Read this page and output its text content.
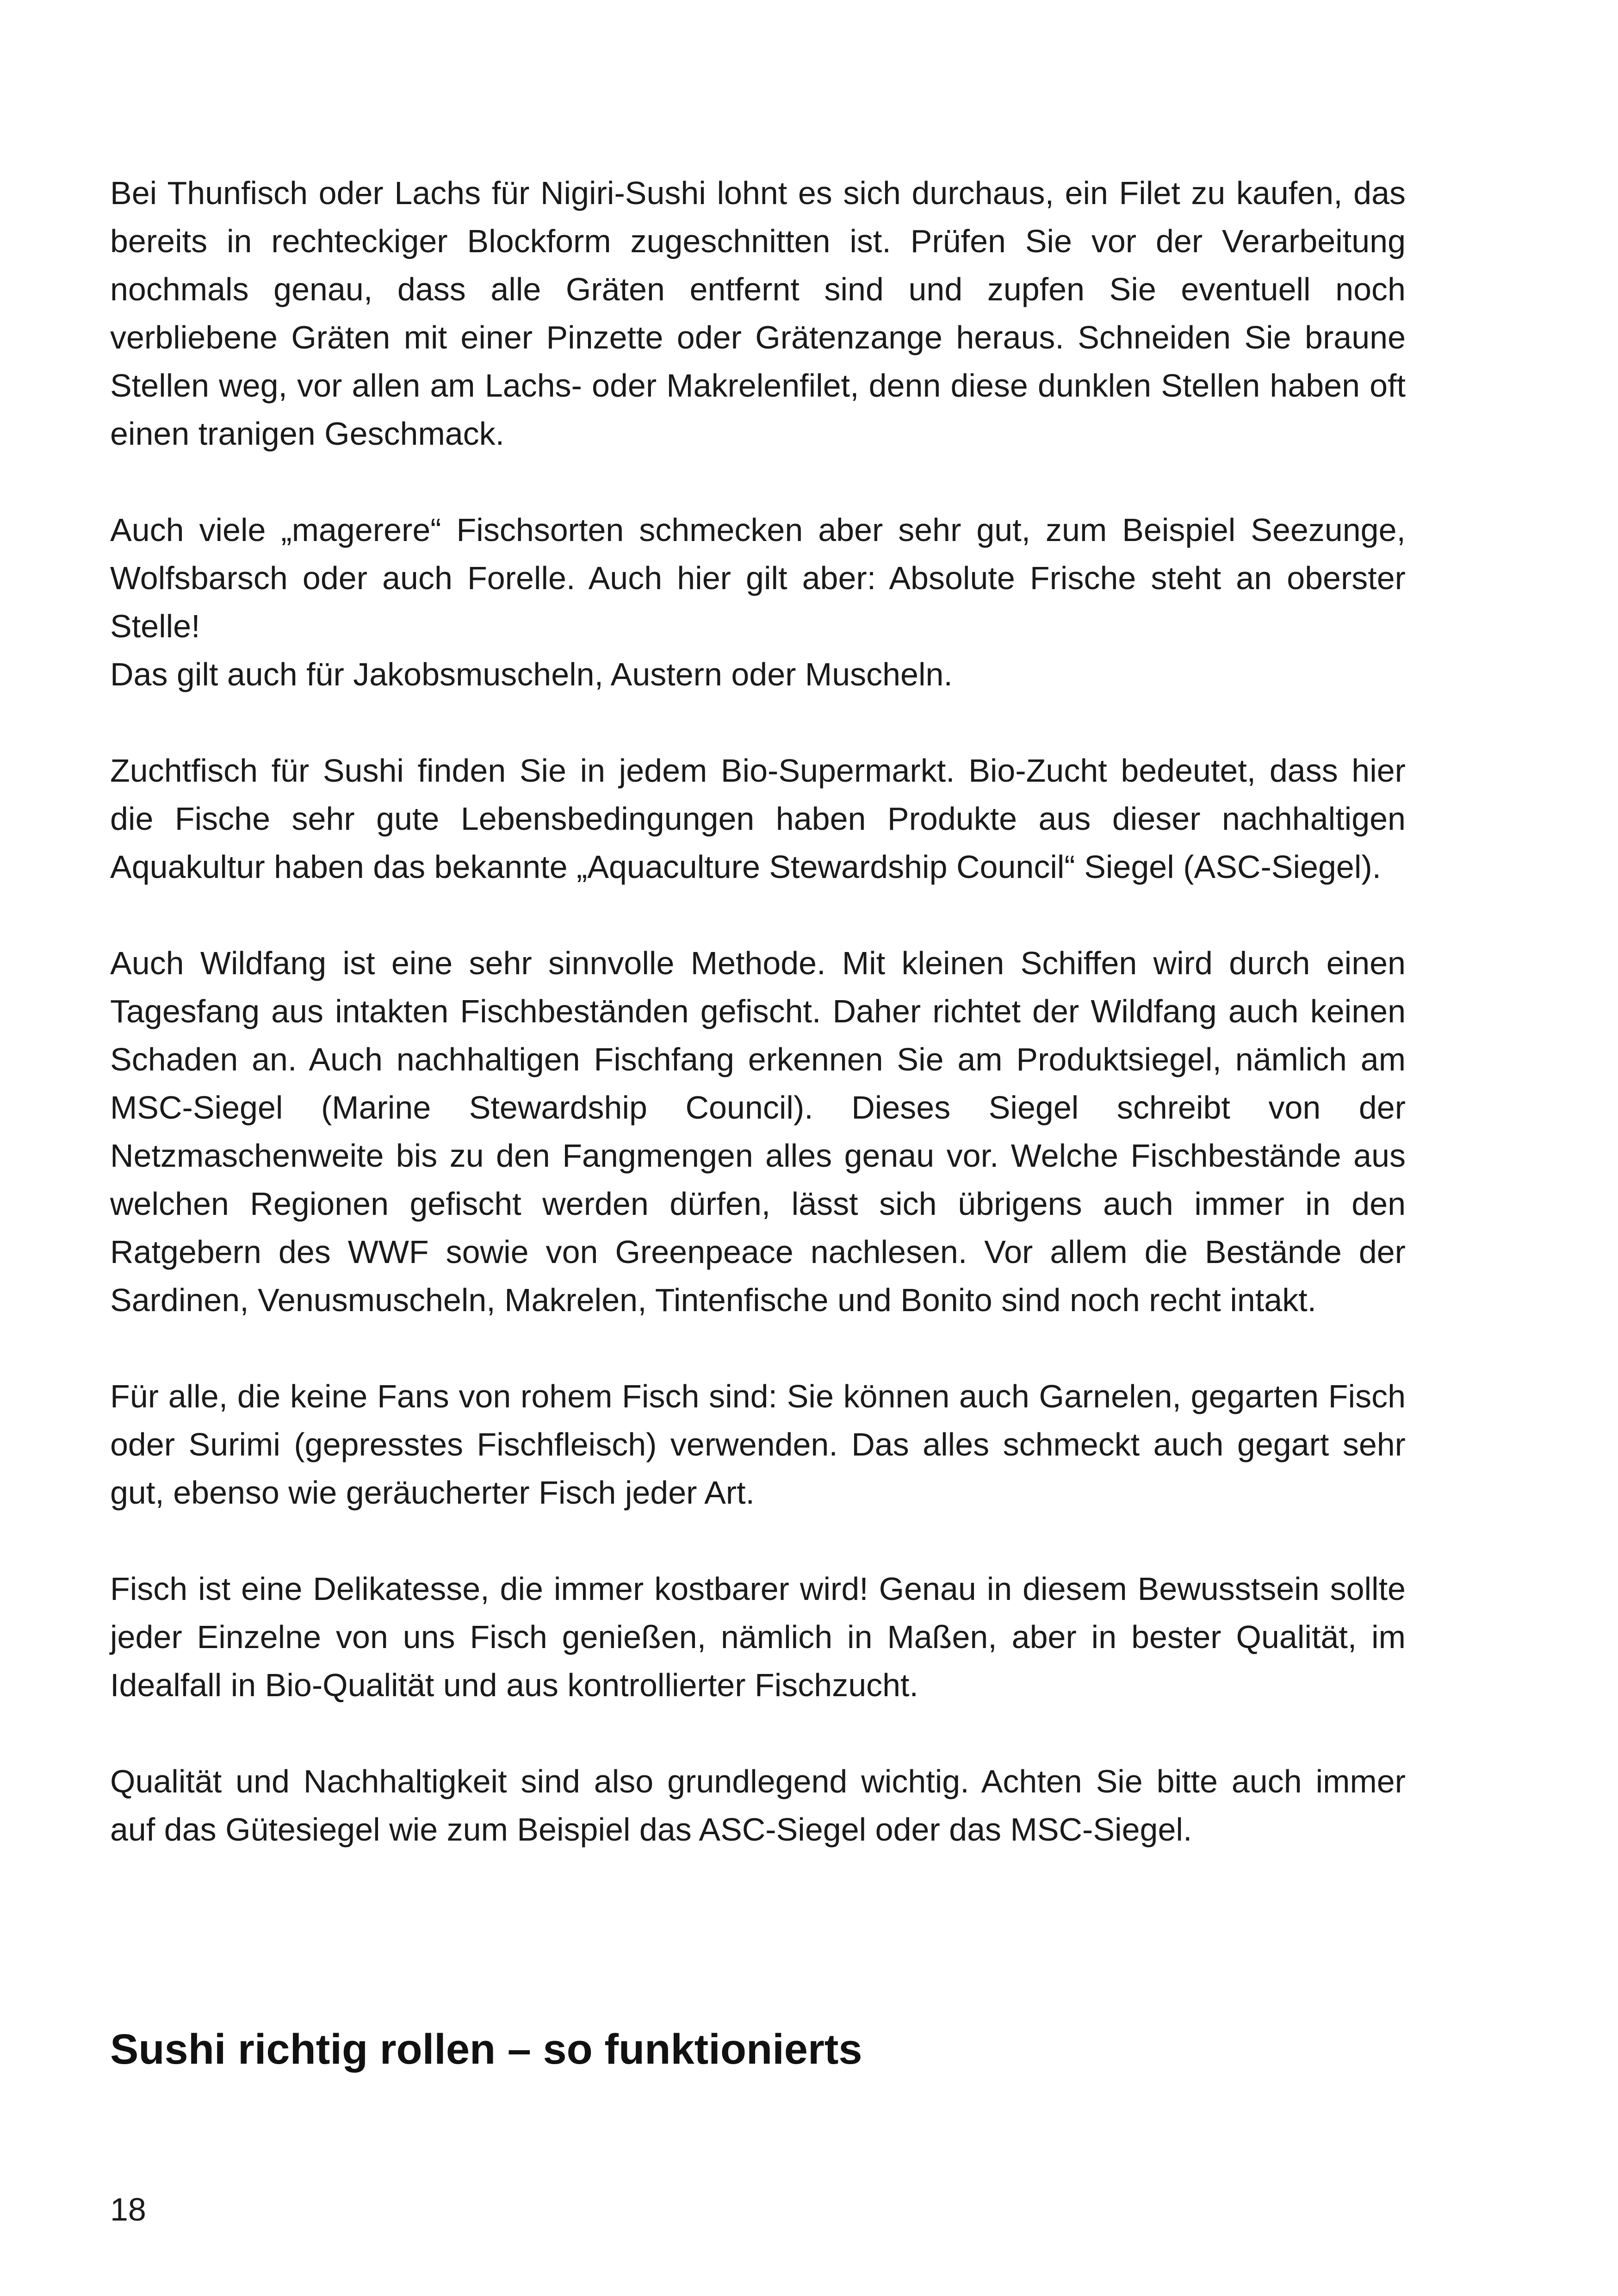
Bei Thunfisch oder Lachs für Nigiri-Sushi lohnt es sich durchaus, ein Filet zu kaufen, das bereits in rechteckiger Blockform zugeschnitten ist. Prüfen Sie vor der Verarbeitung nochmals genau, dass alle Gräten entfernt sind und zupfen Sie eventuell noch verbliebene Gräten mit einer Pinzette oder Grätenzange heraus. Schneiden Sie braune Stellen weg, vor allen am Lachs- oder Makrelenfilet, denn diese dunklen Stellen haben oft einen tranigen Geschmack.

Auch viele „magerere“ Fischsorten schmecken aber sehr gut, zum Beispiel Seezunge, Wolfsbarsch oder auch Forelle. Auch hier gilt aber: Absolute Frische steht an oberster Stelle!

Das gilt auch für Jakobsmuscheln, Austern oder Muscheln.

Zuchtfisch für Sushi finden Sie in jedem Bio-Supermarkt. Bio-Zucht bedeutet, dass hier die Fische sehr gute Lebensbedingungen haben Produkte aus dieser nachhaltigen Aquakultur haben das bekannte „Aquaculture Stewardship Council“ Siegel (ASC-Siegel).

Auch Wildfang ist eine sehr sinnvolle Methode. Mit kleinen Schiffen wird durch einen Tagesfang aus intakten Fischbeständen gefischt. Daher richtet der Wildfang auch keinen Schaden an. Auch nachhaltigen Fischfang erkennen Sie am Produktsiegel, nämlich am MSC-Siegel (Marine Stewardship Council). Dieses Siegel schreibt von der Netzmaschenweite bis zu den Fangmengen alles genau vor. Welche Fischbestände aus welchen Regionen gefischt werden dürfen, lässt sich übrigens auch immer in den Ratgebern des WWF sowie von Greenpeace nachlesen. Vor allem die Bestände der Sardinen, Venusmuscheln, Makrelen, Tintenfische und Bonito sind noch recht intakt.

Für alle, die keine Fans von rohem Fisch sind: Sie können auch Garnelen, gegarten Fisch oder Surimi (gepresstes Fischfleisch) verwenden. Das alles schmeckt auch gegart sehr gut, ebenso wie geräucherter Fisch jeder Art.

Fisch ist eine Delikatesse, die immer kostbarer wird! Genau in diesem Bewusstsein sollte jeder Einzelne von uns Fisch genießen, nämlich in Maßen, aber in bester Qualität, im Idealfall in Bio-Qualität und aus kontrollierter Fischzucht.

Qualität und Nachhaltigkeit sind also grundlegend wichtig. Achten Sie bitte auch immer auf das Gütesiegel wie zum Beispiel das ASC-Siegel oder das MSC-Siegel.

Sushi richtig rollen – so funktionierts
18
